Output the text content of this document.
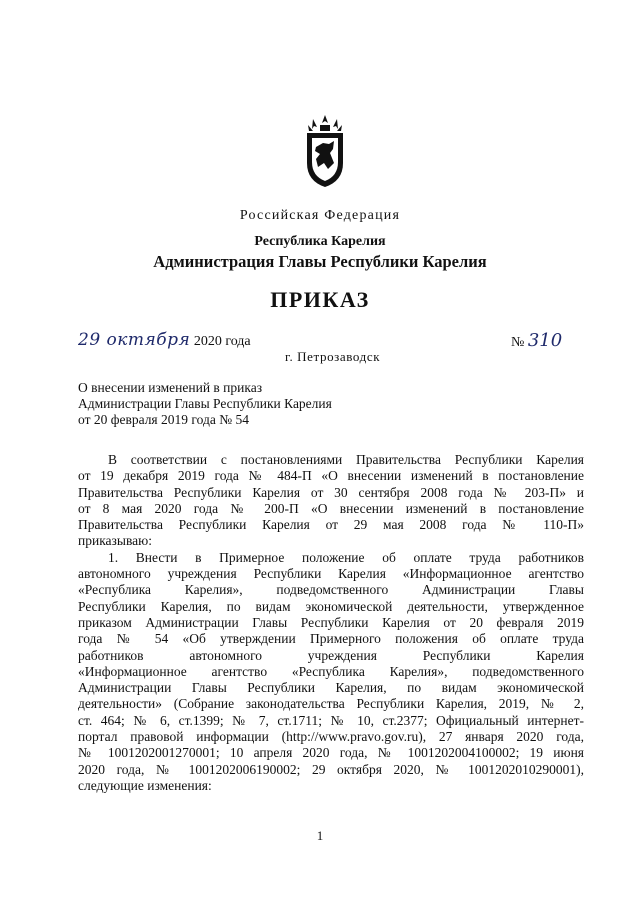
Российская Федерация
Республика Карелия
Администрация Главы Республики Карелия
ПРИКАЗ
29 октября 2020 года	№ 310
г. Петрозаводск
О внесении изменений в приказ
Администрации Главы Республики Карелия
от 20 февраля 2019 года № 54
В соответствии с постановлениями Правительства Республики Карелия
от 19 декабря 2019 года № 484-П «О внесении изменений в постановление
Правительства Республики Карелия от 30 сентября 2008 года № 203-П» и
от 8 мая 2020 года № 200-П «О внесении изменений в постановление
Правительства Республики Карелия от 29 мая 2008 года № 110-П»
приказываю:
1. Внести в Примерное положение об оплате труда работников
автономного учреждения Республики Карелия «Информационное агентство
«Республика Карелия», подведомственного Администрации Главы
Республики Карелия, по видам экономической деятельности, утвержденное
приказом Администрации Главы Республики Карелия от 20 февраля 2019
года № 54 «Об утверждении Примерного положения об оплате труда
работников автономного учреждения Республики Карелия
«Информационное агентство «Республика Карелия», подведомственного
Администрации Главы Республики Карелия, по видам экономической
деятельности» (Собрание законодательства Республики Карелия, 2019, № 2,
ст. 464; № 6, ст.1399; № 7, ст.1711; № 10, ст.2377; Официальный интернет-
портал правовой информации (http://www.pravo.gov.ru), 27 января 2020 года,
№ 1001202001270001; 10 апреля 2020 года, № 1001202004100002; 19 июня
2020 года, № 1001202006190002; 29 октября 2020, № 1001202010290001),
следующие изменения:
1
